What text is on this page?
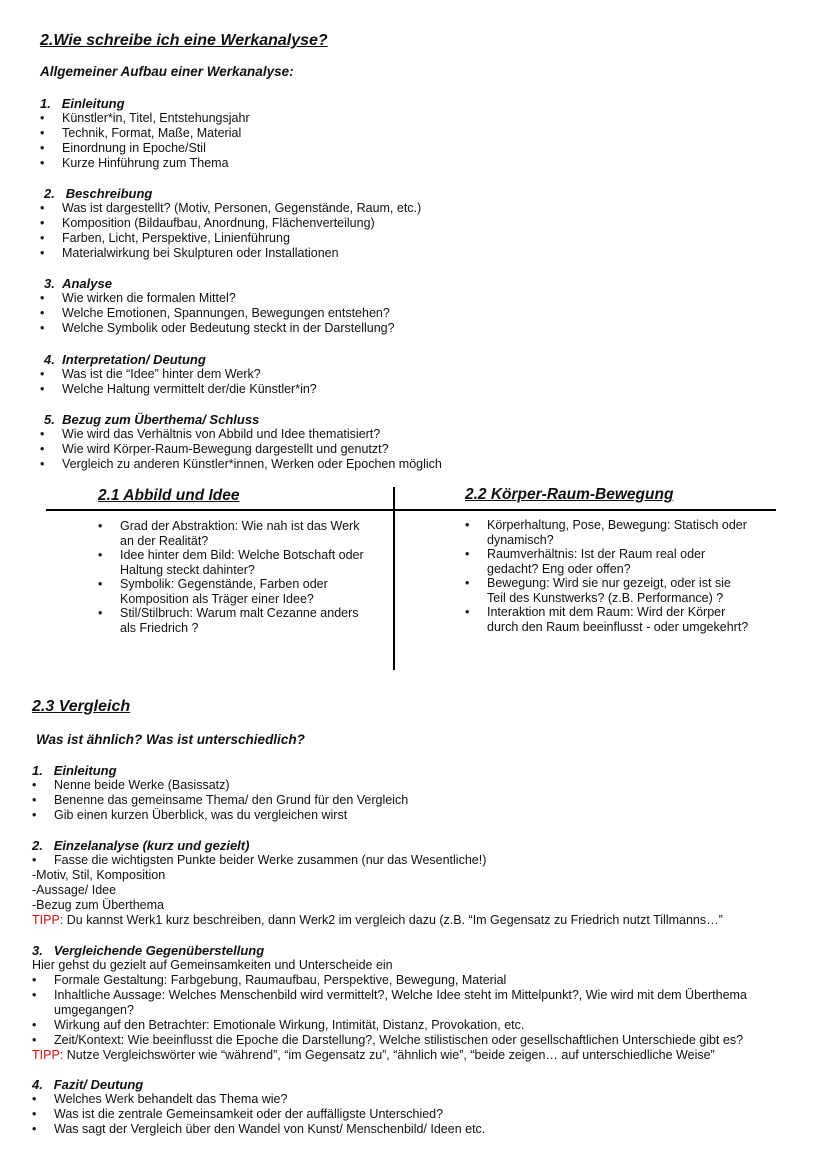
2.Wie schreibe ich eine Werkanalyse?
Allgemeiner Aufbau einer Werkanalyse:
1. Einleitung
• Künstler*in, Titel, Entstehungsjahr
• Technik, Format, Maße, Material
• Einordnung in Epoche/Stil
• Kurze Hinführung zum Thema
2. Beschreibung
• Was ist dargestellt? (Motiv, Personen, Gegenstände, Raum, etc.)
• Komposition (Bildaufbau, Anordnung, Flächenverteilung)
• Farben, Licht, Perspektive, Linienführung
• Materialwirkung bei Skulpturen oder Installationen
3. Analyse
• Wie wirken die formalen Mittel?
• Welche Emotionen, Spannungen, Bewegungen entstehen?
• Welche Symbolik oder Bedeutung steckt in der Darstellung?
4. Interpretation/ Deutung
• Was ist die “Idee” hinter dem Werk?
• Welche Haltung vermittelt der/die Künstler*in?
5. Bezug zum Überthema/ Schluss
• Wie wird das Verhältnis von Abbild und Idee thematisiert?
• Wie wird Körper-Raum-Bewegung dargestellt und genutzt?
• Vergleich zu anderen Künstler*innen, Werken oder Epochen möglich
2.1 Abbild und Idee	2.2 Körper-Raum-Bewegung
• Grad der Abstraktion: Wie nah ist das Werk an der Realität?
• Idee hinter dem Bild: Welche Botschaft oder Haltung steckt dahinter?
• Symbolik: Gegenstände, Farben oder Komposition als Träger einer Idee?
• Stil/Stilbruch: Warum malt Cezanne anders als Friedrich ?
• Körperhaltung, Pose, Bewegung: Statisch oder dynamisch?
• Raumverhältnis: Ist der Raum real oder gedacht? Eng oder offen?
• Bewegung: Wird sie nur gezeigt, oder ist sie Teil des Kunstwerks? (z.B. Performance) ?
• Interaktion mit dem Raum: Wird der Körper durch den Raum beeinflusst - oder umgekehrt?
2.3 Vergleich
Was ist ähnlich? Was ist unterschiedlich?
1. Einleitung
• Nenne beide Werke (Basissatz)
• Benenne das gemeinsame Thema/ den Grund für den Vergleich
• Gib einen kurzen Überblick, was du vergleichen wirst
2. Einzelanalyse (kurz und gezielt)
• Fasse die wichtigsten Punkte beider Werke zusammen (nur das Wesentliche!)
-Motiv, Stil, Komposition
-Aussage/ Idee
-Bezug zum Überthema
TIPP: Du kannst Werk1 kurz beschreiben, dann Werk2 im vergleich dazu (z.B. “Im Gegensatz zu Friedrich nutzt Tillmanns…”
3. Vergleichende Gegenüberstellung
Hier gehst du gezielt auf Gemeinsamkeiten und Unterscheide ein
• Formale Gestaltung: Farbgebung, Raumaufbau, Perspektive, Bewegung, Material
• Inhaltliche Aussage: Welches Menschenbild wird vermittelt?, Welche Idee steht im Mittelpunkt?, Wie wird mit dem Überthema
umgegangen?
• Wirkung auf den Betrachter: Emotionale Wirkung, Intimität, Distanz, Provokation, etc.
• Zeit/Kontext: Wie beeinflusst die Epoche die Darstellung?, Welche stilistischen oder gesellschaftlichen Unterschiede gibt es?
TIPP: Nutze Vergleichswörter wie “während”, “im Gegensatz zu”, “ähnlich wie”, “beide zeigen… auf unterschiedliche Weise”
4. Fazit/ Deutung
• Welches Werk behandelt das Thema wie?
• Was ist die zentrale Gemeinsamkeit oder der auffälligste Unterschied?
• Was sagt der Vergleich über den Wandel von Kunst/ Menschenbild/ Ideen etc.
